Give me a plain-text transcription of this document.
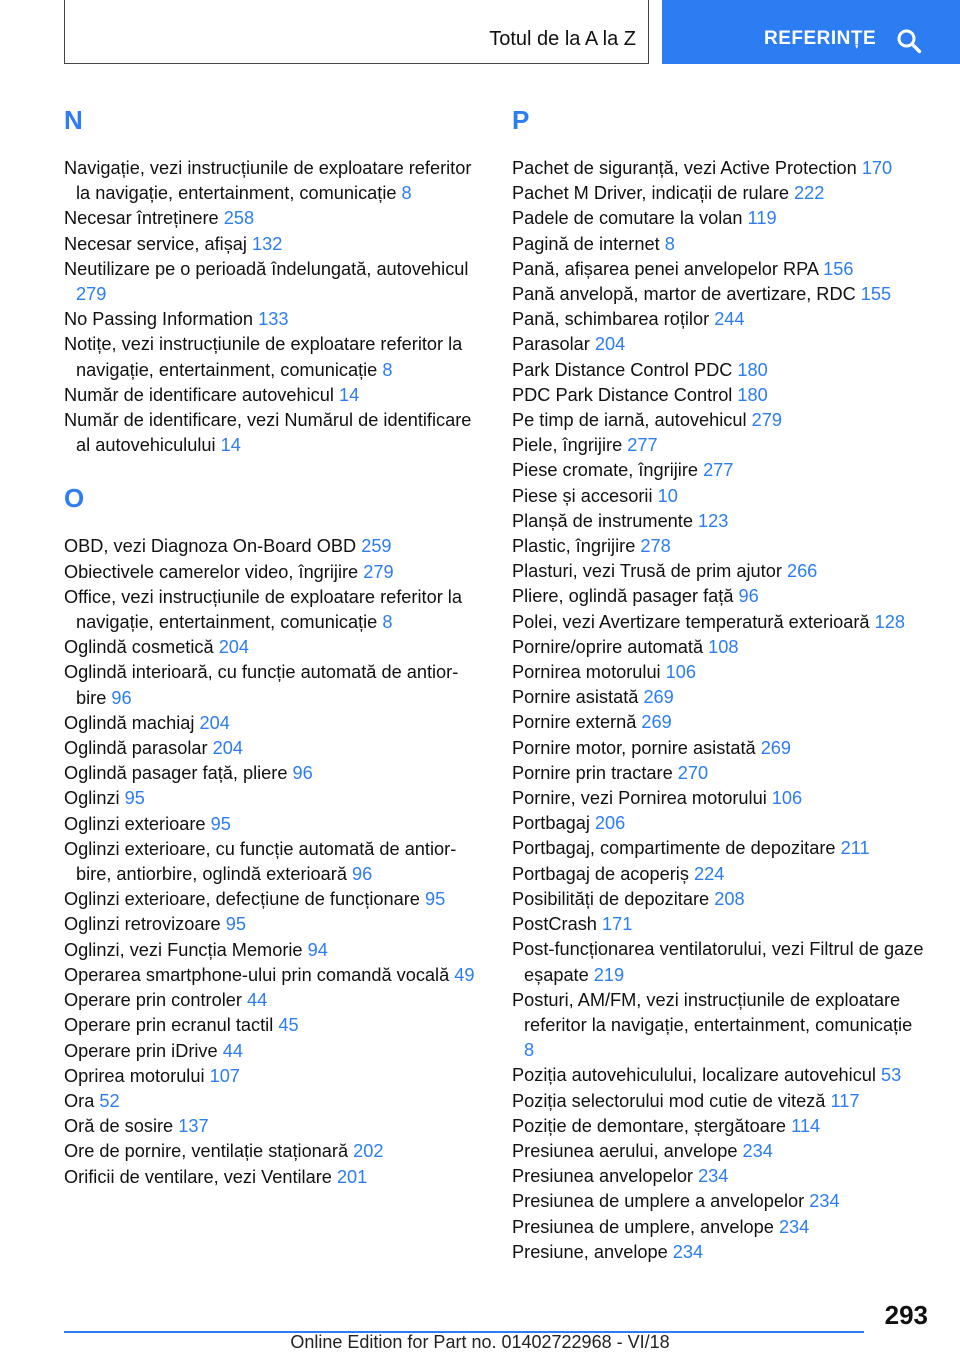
Totul de la A la Z	REFERINȚE
N
Navigație, vezi instrucțiunile de exploatare referitor la navigație, entertainment, comunicație 8
Necesar întreținere 258
Necesar service, afișaj 132
Neutilizare pe o perioadă îndelungată, autovehicul 279
No Passing Information 133
Notițe, vezi instrucțiunile de exploatare referitor la navigație, entertainment, comunicație 8
Număr de identificare autovehicul 14
Număr de identificare, vezi Numărul de identificare al autovehiculului 14
O
OBD, vezi Diagnoza On-Board OBD 259
Obiectivele camerelor video, îngrijire 279
Office, vezi instrucțiunile de exploatare referitor la navigație, entertainment, comunicație 8
Oglindă cosmetică 204
Oglindă interioară, cu funcție automată de antiorbire 96
Oglindă machiaj 204
Oglindă parasolar 204
Oglindă pasager față, pliere 96
Oglinzi 95
Oglinzi exterioare 95
Oglinzi exterioare, cu funcție automată de antiorbire, antiorbire, oglindă exterioară 96
Oglinzi exterioare, defecțiune de funcționare 95
Oglinzi retrovizoare 95
Oglinzi, vezi Funcția Memorie 94
Operarea smartphone-ului prin comandă vocală 49
Operare prin controler 44
Operare prin ecranul tactil 45
Operare prin iDrive 44
Oprirea motorului 107
Ora 52
Oră de sosire 137
Ore de pornire, ventilație staționară 202
Orificii de ventilare, vezi Ventilare 201
P
Pachet de siguranță, vezi Active Protection 170
Pachet M Driver, indicații de rulare 222
Padele de comutare la volan 119
Pagină de internet 8
Pană, afișarea penei anvelopelor RPA 156
Pană anvelopă, martor de avertizare, RDC 155
Pană, schimbarea roților 244
Parasolar 204
Park Distance Control PDC 180
PDC Park Distance Control 180
Pe timp de iarnă, autovehicul 279
Piele, îngrijire 277
Piese cromate, îngrijire 277
Piese și accesorii 10
Planșă de instrumente 123
Plastic, îngrijire 278
Plasturi, vezi Trusă de prim ajutor 266
Pliere, oglindă pasager față 96
Polei, vezi Avertizare temperatură exterioară 128
Pornire/oprire automată 108
Pornirea motorului 106
Pornire asistată 269
Pornire externă 269
Pornire motor, pornire asistată 269
Pornire prin tractare 270
Pornire, vezi Pornirea motorului 106
Portbagaj 206
Portbagaj, compartimente de depozitare 211
Portbagaj de acoperiș 224
Posibilități de depozitare 208
PostCrash 171
Post-funcționarea ventilatorului, vezi Filtrul de gaze eșapate 219
Posturi, AM/FM, vezi instrucțiunile de exploatare referitor la navigație, entertainment, comunicație 8
Poziția autovehiculului, localizare autovehicul 53
Poziția selectorului mod cutie de viteză 117
Poziție de demontare, ștergătoare 114
Presiunea aerului, anvelope 234
Presiunea anvelopelor 234
Presiunea de umplere a anvelopelor 234
Presiunea de umplere, anvelope 234
Presiune, anvelope 234
293
Online Edition for Part no. 01402722968 - VI/18
